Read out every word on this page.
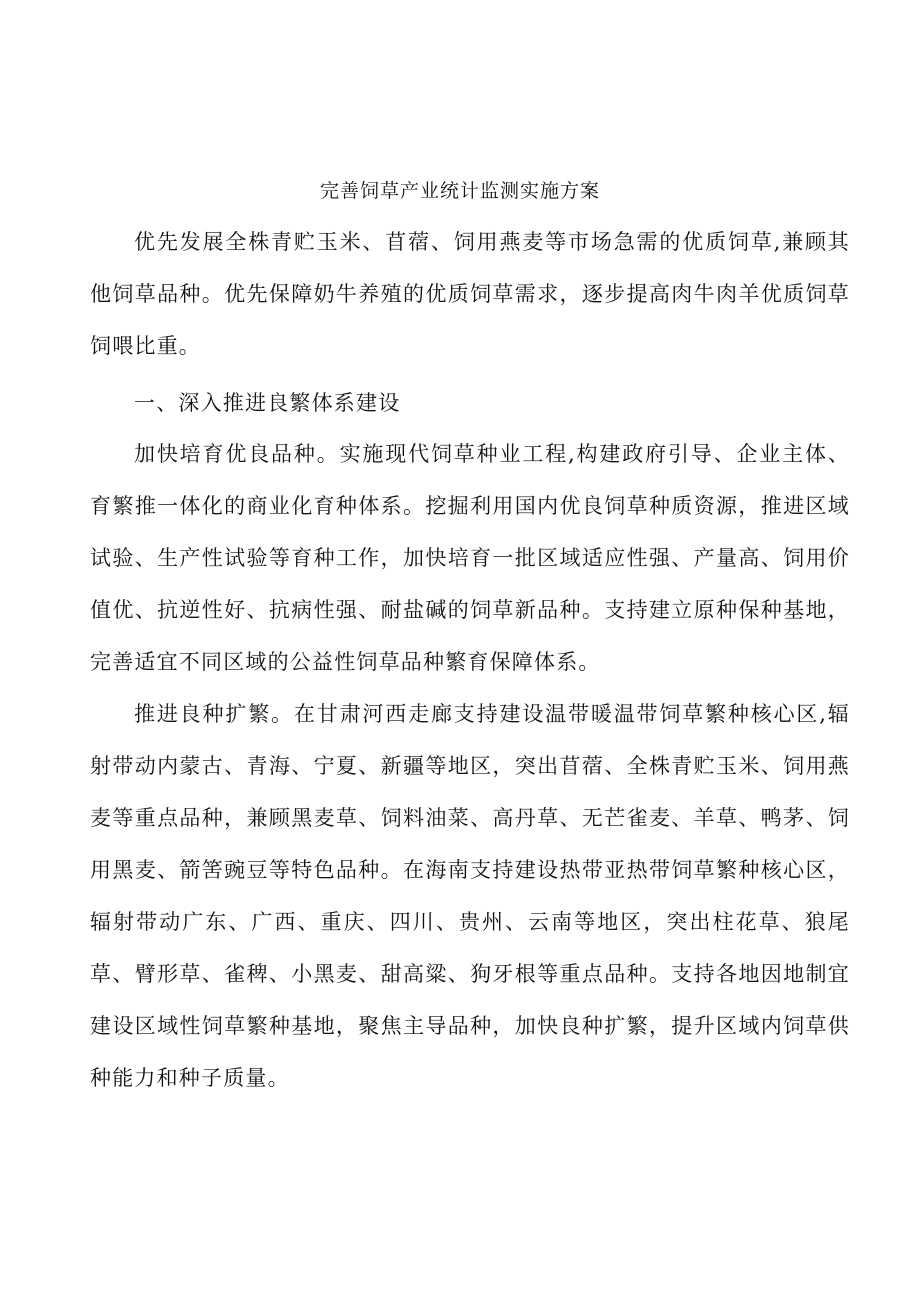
完善饲草产业统计监测实施方案

优先发展全株青贮玉米、苜蓿、饲用燕麦等市场急需的优质饲草,兼顾其他饲草品种。优先保障奶牛养殖的优质饲草需求，逐步提高肉牛肉羊优质饲草饲喂比重。

一、深入推进良繁体系建设

加快培育优良品种。实施现代饲草种业工程,构建政府引导、企业主体、育繁推一体化的商业化育种体系。挖掘利用国内优良饲草种质资源，推进区域试验、生产性试验等育种工作，加快培育一批区域适应性强、产量高、饲用价值优、抗逆性好、抗病性强、耐盐碱的饲草新品种。支持建立原种保种基地，完善适宜不同区域的公益性饲草品种繁育保障体系。

推进良种扩繁。在甘肃河西走廊支持建设温带暖温带饲草繁种核心区,辐射带动内蒙古、青海、宁夏、新疆等地区，突出苜蓿、全株青贮玉米、饲用燕麦等重点品种，兼顾黑麦草、饲料油菜、高丹草、无芒雀麦、羊草、鸭茅、饲用黑麦、箭筈豌豆等特色品种。在海南支持建设热带亚热带饲草繁种核心区，辐射带动广东、广西、重庆、四川、贵州、云南等地区，突出柱花草、狼尾草、臂形草、雀稗、小黑麦、甜高粱、狗牙根等重点品种。支持各地因地制宜建设区域性饲草繁种基地，聚焦主导品种，加快良种扩繁，提升区域内饲草供种能力和种子质量。
